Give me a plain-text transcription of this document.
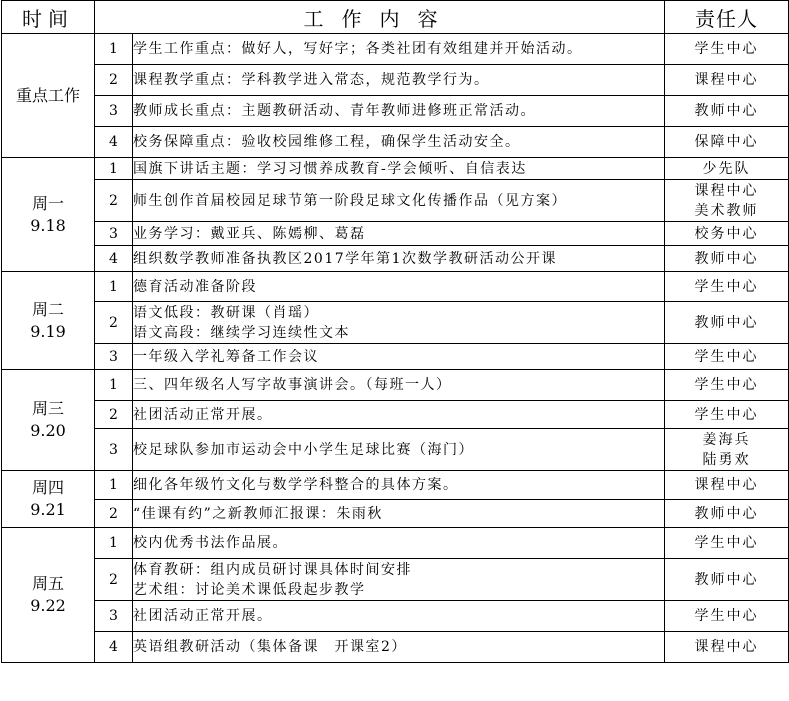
时间	工作内容		责任人

重点工作	1	学生工作重点：做好人，写好字；各类社团有效组建并开始活动。	学生中心

	2	课程教学重点：学科教学进入常态，规范教学行为。	课程中心

	3	教师成长重点：主题教研活动、青年教师进修班正常活动。	教师中心

	4	校务保障重点：验收校园维修工程，确保学生活动安全。	保障中心

周一
9.18	1	国旗下讲话主题：学习习惯养成教育-学会倾听、自信表达	少先队

	2	师生创作首届校园足球节第一阶段足球文化传播作品（见方案）	课程中心
美术教师

	3	业务学习：戴亚兵、陈嫣柳、葛磊	校务中心

	4	组织数学教师准备执教区2017学年第1次数学教研活动公开课	教师中心

周二
9.19	1	德育活动准备阶段	学生中心

	2	语文低段：教研课（肖瑶）
语文高段：继续学习连续性文本	教师中心

	3	一年级入学礼筹备工作会议	学生中心

周三
9.20	1	三、四年级名人写字故事演讲会。（每班一人）	学生中心

	2	社团活动正常开展。	学生中心

	3	校足球队参加市运动会中小学生足球比赛（海门）	姜海兵
陆勇欢

周四
9.21	1	细化各年级竹文化与数学学科整合的具体方案。	课程中心

	2	“佳课有约”之新教师汇报课：朱雨秋	教师中心

周五
9.22	1	校内优秀书法作品展。	学生中心

	2	体育教研：组内成员研讨课具体时间安排
艺术组：讨论美术课低段起步教学	教师中心

	3	社团活动正常开展。	学生中心

	4	英语组教研活动（集体备课　开课室2）	课程中心
